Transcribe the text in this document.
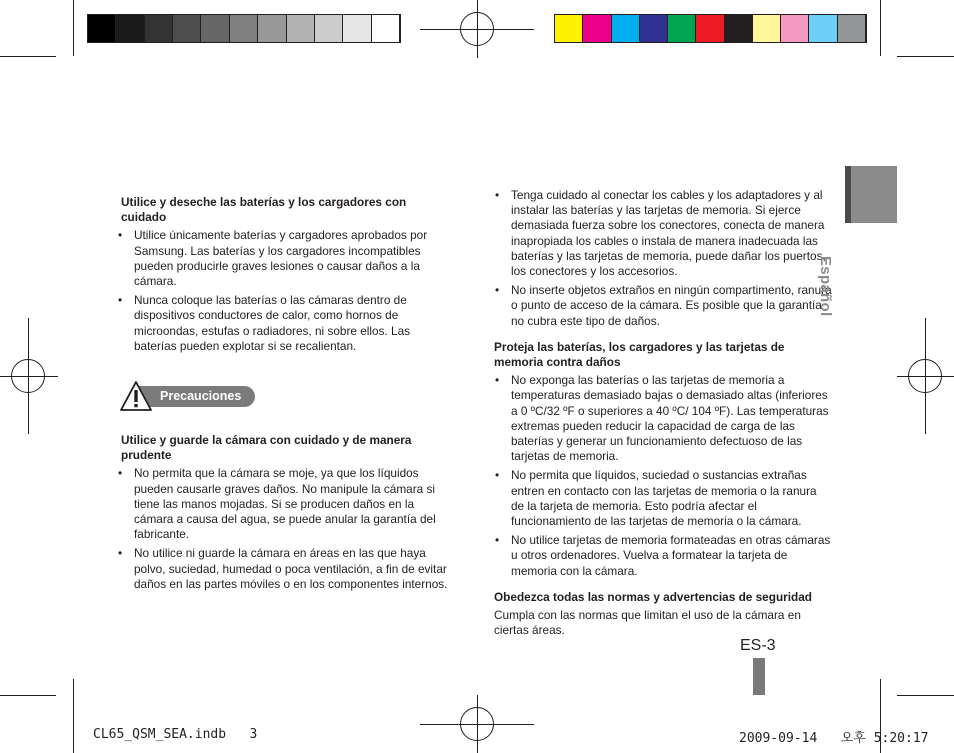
Utilice y deseche las baterías y los cargadores con cuidado

• Utilice únicamente baterías y cargadores aprobados por Samsung. Las baterías y los cargadores incompatibles pueden producirle graves lesiones o causar daños a la cámara.
• Nunca coloque las baterías o las cámaras dentro de dispositivos conductores de calor, como hornos de microondas, estufas o radiadores, ni sobre ellos. Las baterías pueden explotar si se recalientan.
Precauciones

Utilice y guarde la cámara con cuidado y de manera prudente

• No permita que la cámara se moje, ya que los líquidos pueden causarle graves daños. No manipule la cámara si tiene las manos mojadas. Si se producen daños en la cámara a causa del agua, se puede anular la garantía del fabricante.
• No utilice ni guarde la cámara en áreas en las que haya polvo, suciedad, humedad o poca ventilación, a fin de evitar daños en las partes móviles o en los componentes internos.
• Tenga cuidado al conectar los cables y los adaptadores y al instalar las baterías y las tarjetas de memoria. Si ejerce demasiada fuerza sobre los conectores, conecta de manera inapropiada los cables o instala de manera inadecuada las baterías y las tarjetas de memoria, puede dañar los puertos, los conectores y los accesorios.
• No inserte objetos extraños en ningún compartimento, ranura o punto de acceso de la cámara. Es posible que la garantía no cubra este tipo de daños.

Proteja las baterías, los cargadores y las tarjetas de memoria contra daños

• No exponga las baterías o las tarjetas de memoria a temperaturas demasiado bajas o demasiado altas (inferiores a 0 ºC/32 ºF o superiores a 40 ºC/ 104 ºF). Las temperaturas extremas pueden reducir la capacidad de carga de las baterías y generar un funcionamiento defectuoso de las tarjetas de memoria.
• No permita que líquidos, suciedad o sustancias extrañas entren en contacto con las tarjetas de memoria o la ranura de la tarjeta de memoria. Esto podría afectar el funcionamiento de las tarjetas de memoria o la cámara.
• No utilice tarjetas de memoria formateadas en otras cámaras u otros ordenadores. Vuelva a formatear la tarjeta de memoria con la cámara.

Obedezca todas las normas y advertencias de seguridad

Cumpla con las normas que limitan el uso de la cámara en ciertas áreas.

Español
ES-3
CL65_QSM_SEA.indb   3	2009-09-14   오후 5:20:17
